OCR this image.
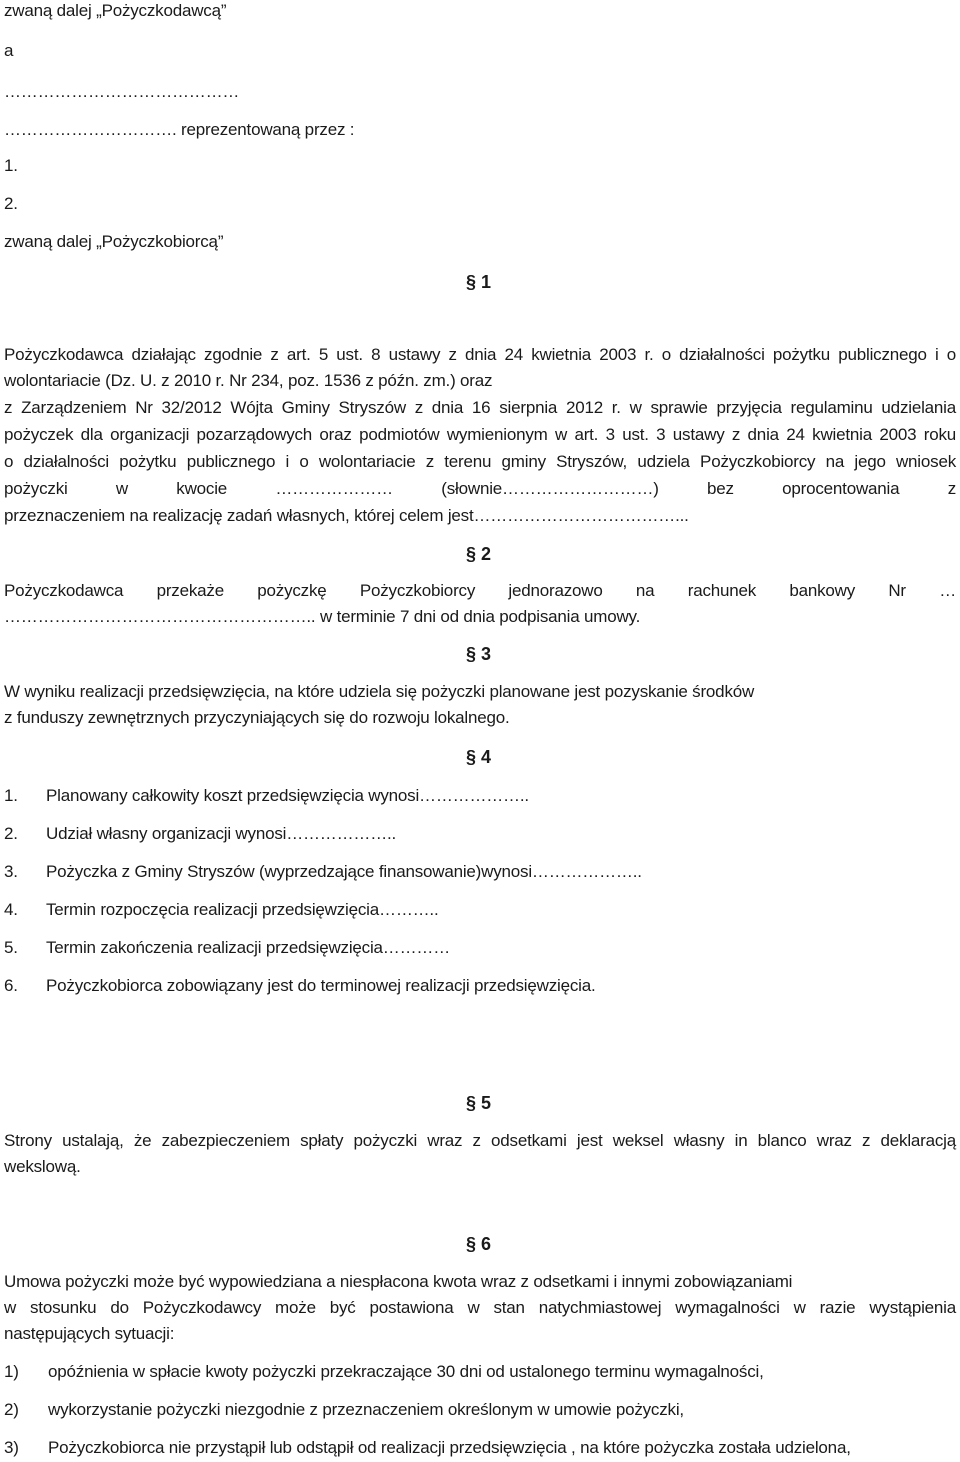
zwaną dalej „Pożyczkodawcą”
a
……………………………………
…………………………. reprezentowaną przez :
1.
2.
zwaną dalej „Pożyczkobiorcą”
§ 1
Pożyczkodawca działając zgodnie z art. 5 ust. 8 ustawy z dnia 24 kwietnia 2003 r. o działalności pożytku publicznego i o
wolontariacie (Dz. U. z 2010 r. Nr 234, poz. 1536 z późn. zm.) oraz
z Zarządzeniem Nr 32/2012 Wójta Gminy Stryszów z dnia 16 sierpnia 2012 r. w sprawie przyjęcia regulaminu udzielania
pożyczek dla organizacji pozarządowych oraz podmiotów wymienionym w art. 3 ust. 3 ustawy z dnia 24 kwietnia 2003 roku
o działalności pożytku publicznego i o wolontariacie z terenu gminy Stryszów, udziela Pożyczkobiorcy na jego wniosek
pożyczki w kwocie ………………… (słownie………………………) bez oprocentowania z
przeznaczeniem na realizację zadań własnych, której celem jest………………………………...
§ 2
Pożyczkodawca przekaże pożyczkę Pożyczkobiorcy jednorazowo na rachunek bankowy Nr …
……………………………………………….. w terminie 7 dni od dnia podpisania umowy.
§ 3
W wyniku realizacji przedsięwzięcia, na które udziela się pożyczki planowane jest pozyskanie środków
z funduszy zewnętrznych przyczyniających się do rozwoju lokalnego.
§ 4
1. Planowany całkowity koszt przedsięwzięcia wynosi………………..
2. Udział własny organizacji wynosi………………..
3. Pożyczka z Gminy Stryszów (wyprzedzające finansowanie)wynosi………………..
4. Termin rozpoczęcia realizacji przedsięwzięcia………..
5. Termin zakończenia realizacji przedsięwzięcia…………
6. Pożyczkobiorca zobowiązany jest do terminowej realizacji przedsięwzięcia.
§ 5
Strony ustalają, że zabezpieczeniem spłaty pożyczki wraz z odsetkami jest weksel własny in blanco wraz z deklaracją
wekslową.
§ 6
Umowa pożyczki może być wypowiedziana a niespłacona kwota wraz z odsetkami i innymi zobowiązaniami
w stosunku do Pożyczkodawcy może być postawiona w stan natychmiastowej wymagalności w razie wystąpienia
następujących sytuacji:
1) opóźnienia w spłacie kwoty pożyczki przekraczające 30 dni od ustalonego terminu wymagalności,
2) wykorzystanie pożyczki niezgodnie z przeznaczeniem określonym w umowie pożyczki,
3) Pożyczkobiorca nie przystąpił lub odstąpił od realizacji przedsięwzięcia , na które pożyczka została udzielona,
